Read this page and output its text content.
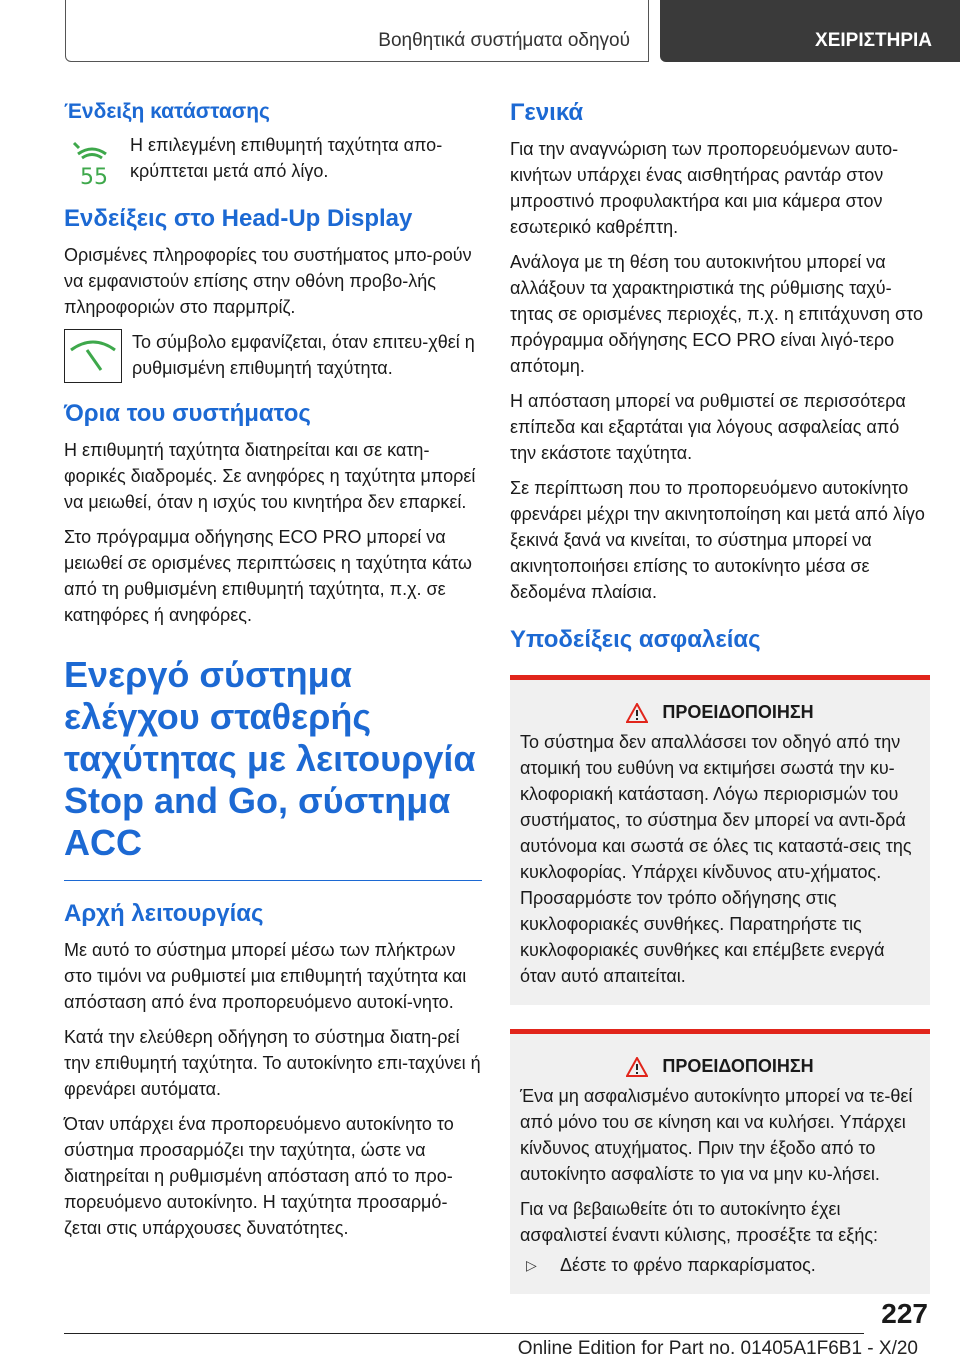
Βοηθητικά συστήματα οδηγού	ΧΕΙΡΙΣΤΗΡΙΑ
Ένδειξη κατάστασης
55

Η επιλεγμένη επιθυμητή ταχύτητα απο-κρύπτεται μετά από λίγο.

Ενδείξεις στο Head-Up Display

Ορισμένες πληροφορίες του συστήματος μπο-ρούν να εμφανιστούν επίσης στην οθόνη προβο-λής πληροφοριών στο παρμπρίζ.

Το σύμβολο εμφανίζεται, όταν επιτευ-χθεί η ρυθμισμένη επιθυμητή ταχύτητα.

Όρια του συστήματος

Η επιθυμητή ταχύτητα διατηρείται και σε κατη-φορικές διαδρομές. Σε ανηφόρες η ταχύτητα μπορεί να μειωθεί, όταν η ισχύς του κινητήρα δεν επαρκεί.

Στο πρόγραμμα οδήγησης ECO PRO μπορεί να μειωθεί σε ορισμένες περιπτώσεις η ταχύτητα κάτω από τη ρυθμισμένη επιθυμητή ταχύτητα, π.χ. σε κατηφόρες ή ανηφόρες.

Ενεργό σύστημα ελέγχου σταθερής ταχύτητας με λειτουργία Stop and Go, σύστημα ACC
Αρχή λειτουργίας

Με αυτό το σύστημα μπορεί μέσω των πλήκτρων στο τιμόνι να ρυθμιστεί μια επιθυμητή ταχύτητα και απόσταση από ένα προπορευόμενο αυτοκί-νητο.

Κατά την ελεύθερη οδήγηση το σύστημα διατη-ρεί την επιθυμητή ταχύτητα. Το αυτοκίνητο επι-ταχύνει ή φρενάρει αυτόματα.

Όταν υπάρχει ένα προπορευόμενο αυτοκίνητο το σύστημα προσαρμόζει την ταχύτητα, ώστε να διατηρείται η ρυθμισμένη απόσταση από το προ-πορευόμενο αυτοκίνητο. Η ταχύτητα προσαρμό-ζεται στις υπάρχουσες δυνατότητες.

Γενικά

Για την αναγνώριση των προπορευόμενων αυτο-κινήτων υπάρχει ένας αισθητήρας ραντάρ στον μπροστινό προφυλακτήρα και μια κάμερα στον εσωτερικό καθρέπτη.

Ανάλογα με τη θέση του αυτοκινήτου μπορεί να αλλάξουν τα χαρακτηριστικά της ρύθμισης ταχύ-τητας σε ορισμένες περιοχές, π.χ. η επιτάχυνση στο πρόγραμμα οδήγησης ECO PRO είναι λιγό-τερο απότομη.

Η απόσταση μπορεί να ρυθμιστεί σε περισσότερα επίπεδα και εξαρτάται για λόγους ασφαλείας από την εκάστοτε ταχύτητα.

Σε περίπτωση που το προπορευόμενο αυτοκίνητο φρενάρει μέχρι την ακινητοποίηση και μετά από λίγο ξεκινά ξανά να κινείται, το σύστημα μπορεί να ακινητοποιήσει επίσης το αυτοκίνητο μέσα σε δεδομένα πλαίσια.

Υποδείξεις ασφαλείας
ΠΡΟΕΙΔΟΠΟΙΗΣΗ

Το σύστημα δεν απαλλάσσει τον οδηγό από την ατομική του ευθύνη να εκτιμήσει σωστά την κυ-κλοφοριακή κατάσταση. Λόγω περιορισμών του συστήματος, το σύστημα δεν μπορεί να αντι-δρά αυτόνομα και σωστά σε όλες τις καταστά-σεις της κυκλοφορίας. Υπάρχει κίνδυνος ατυ-χήματος. Προσαρμόστε τον τρόπο οδήγησης στις κυκλοφοριακές συνθήκες. Παρατηρήστε τις κυκλοφοριακές συνθήκες και επέμβετε ενεργά όταν αυτό απαιτείται.

ΠΡΟΕΙΔΟΠΟΙΗΣΗ

Ένα μη ασφαλισμένο αυτοκίνητο μπορεί να τε-θεί από μόνο του σε κίνηση και να κυλήσει. Υπάρχει κίνδυνος ατυχήματος. Πριν την έξοδο από το αυτοκίνητο ασφαλίστε το για να μην κυ-λήσει.

Για να βεβαιωθείτε ότι το αυτοκίνητο έχει ασφαλιστεί έναντι κύλισης, προσέξτε τα εξής:

▷	Δέστε το φρένο παρκαρίσματος.
227
Online Edition for Part no. 01405A1F6B1 - X/20
